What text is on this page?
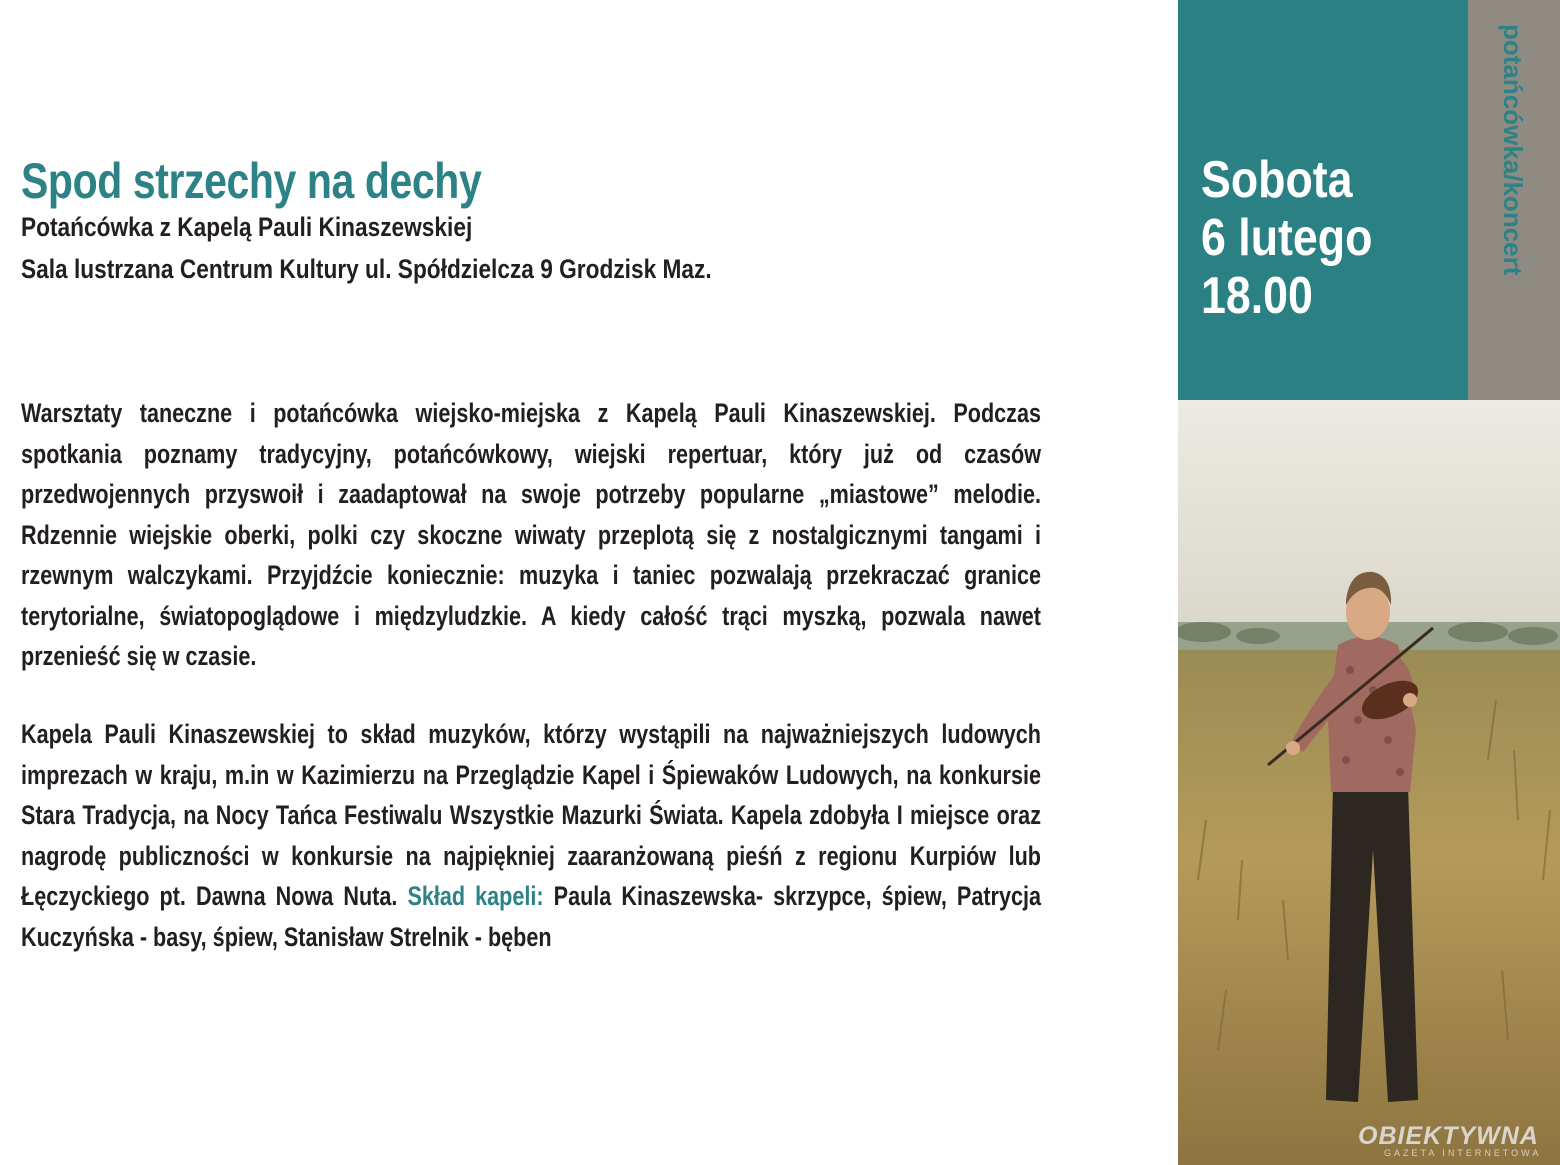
Spod strzechy na dechy

Potańcówka z Kapelą Pauli Kinaszewskiej

Sala lustrzana Centrum Kultury ul. Spółdzielcza 9 Grodzisk Maz.

Warsztaty taneczne i potańcówka wiejsko-miejska z Kapelą Pauli Kinaszewskiej. Podczas spotkania poznamy tradycyjny, potańcówkowy, wiejski repertuar, który już od czasów przedwojennych przyswoił i zaadaptował na swoje potrzeby popularne „miastowe” melodie. Rdzennie wiejskie oberki, polki czy skoczne wiwaty przeplotą się z nostalgicznymi tangami i rzewnym walczykami. Przyjdźcie koniecznie: muzyka i taniec pozwalają przekraczać granice terytorialne, światopoglądowe i międzyludzkie. A kiedy całość trąci myszką, pozwala nawet przenieść się w czasie.

Kapela Pauli Kinaszewskiej to skład muzyków, którzy wystąpili na najważniejszych ludowych imprezach w kraju, m.in w Kazimierzu na Przeglądzie Kapel i Śpiewaków Ludowych, na konkursie Stara Tradycja, na Nocy Tańca Festiwalu Wszystkie Mazurki Świata. Kapela zdobyła I miejsce oraz nagrodę publiczności w konkursie na najpiękniej zaaranżowaną pieśń z regionu Kurpiów lub Łęczyckiego pt. Dawna Nowa Nuta. Skład kapeli: Paula Kinaszewska- skrzypce, śpiew, Patrycja Kuczyńska - basy, śpiew, Stanisław Strelnik - bęben

Sobota

6 lutego

18.00

potańcówka/koncert
OBIEKTYWNA
GAZETA INTERNETOWA
